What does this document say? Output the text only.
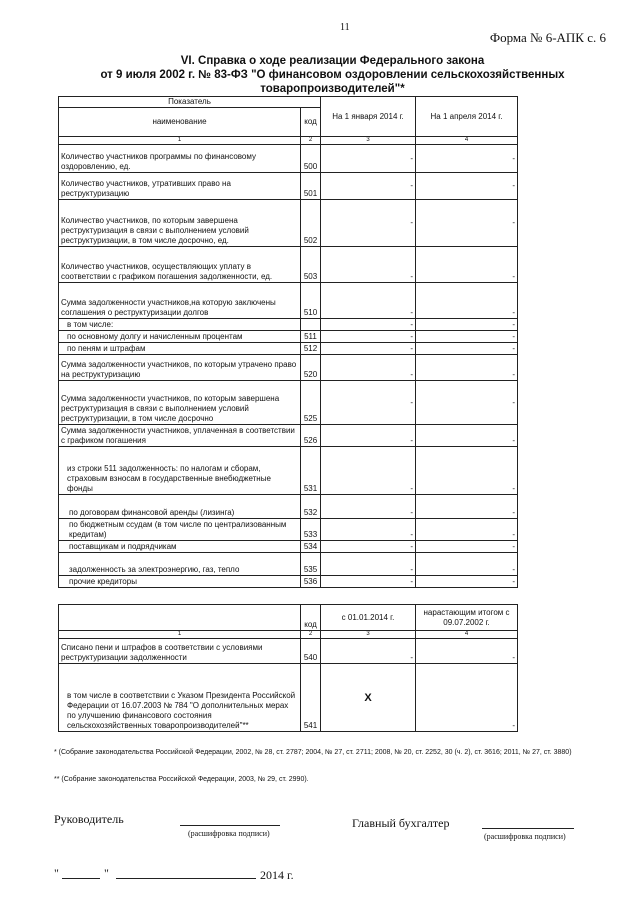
11
Форма № 6-АПК с. 6
VI. Справка о ходе реализации Федерального закона
от 9 июля 2002 г. № 83-ФЗ "О финансовом оздоровлении сельскохозяйственных
товаропроизводителей"*
Показатель		На 1 января 2014 г.	На 1 апреля 2014 г.
наименование	код		
1	2	3	4
Количество участников программы по финансовому оздоровлению, ед.	500	-	-
Количество участников, утративших право на реструктуризацию	501	-	-
Количество участников, по которым завершена реструктуризация в связи с выполнением условий реструктуризации, в том числе досрочно, ед.	502	-	-
Количество участников, осуществляющих уплату в соответствии с графиком погашения задолженности, ед.	503	-	-
Сумма задолженности участников,на которую заключены соглашения о реструктуризации долгов	510	-	-
в том числе:		-	-
по основному долгу и начисленным процентам	511	-	-
по пеням и штрафам	512	-	-
Сумма задолженности участников, по которым утрачено право на реструктуризацию	520	-	-
Сумма задолженности участников, по которым завершена реструктуризация в связи с выполнением условий реструктуризации, в том числе досрочно	525	-	-
Сумма задолженности участников, уплаченная в соответствии с графиком погашения	526	-	-
из строки 511 задолженность: по налогам и сборам, страховым взносам в государственные внебюджетные фонды	531	-	-
по договорам финансовой аренды (лизинга)	532	-	-
по бюджетным ссудам (в том числе по централизованным кредитам)	533	-	-
поставщикам и подрядчикам	534	-	-
задолженность за электроэнергию, газ, тепло	535	-	-
прочие кредиторы	536	-	-
	код	с 01.01.2014 г.	нарастающим итогом с 09.07.2002 г.
1	2	3	4
Списано пени и штрафов в соответствии с условиями реструктуризации задолженности	540	-	-
в том числе в соответствии с Указом Президента Российской Федерации от 16.07.2003 № 784 "О дополнительных мерах по улучшению финансового состояния сельскохозяйственных товаропроизводителей"**	541	X	-
* (Собрание законодательства Российской Федерации, 2002, № 28, ст. 2787; 2004, № 27, ст. 2711; 2008, № 20, ст. 2252, 30 (ч. 2), ст. 3616; 2011, № 27, ст. 3880)
** (Собрание законодательства Российской Федерации, 2003, № 29, ст. 2990).
Руководитель
(расшифровка подписи)
Главный бухгалтер
(расшифровка подписи)
"	"	2014 г.
